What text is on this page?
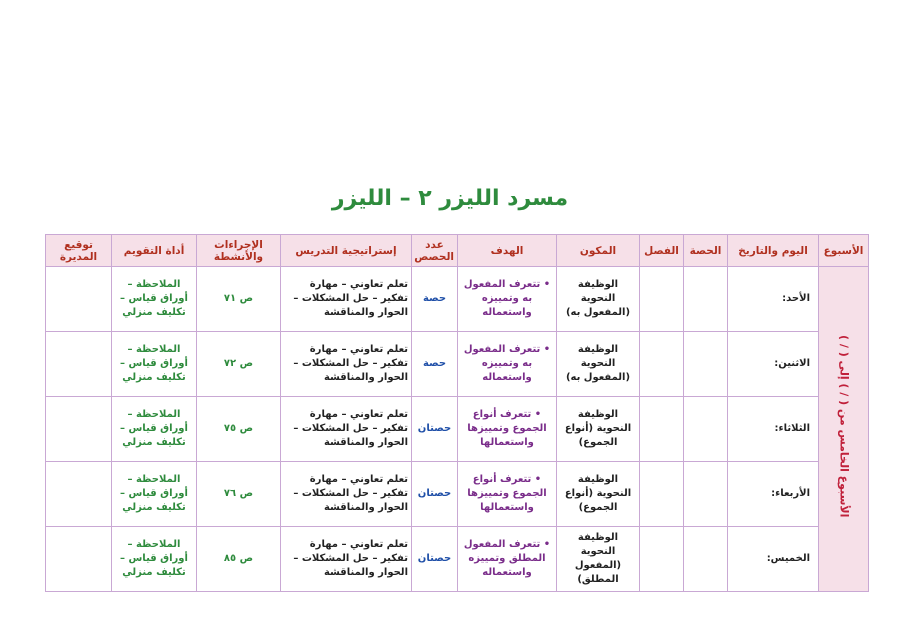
مسرد الليزر ٢ – الليزر
الأسبوع	اليوم والتاريخ	الحصة	الفصل	المكون	الهدف	عدد الحصص	إستراتيجية التدريس	الإجراءات والأنشطة	أداة التقويم	توقيع المديرة
الأسبوع الخامس من ( / ) إلى ( / )	الأحد:			الوظيفة النحوية (المفعول به)	• تتعرف المفعول به وتمييزه واستعماله	حصة	تعلم تعاوني – مهارة تفكير – حل المشكلات – الحوار والمناقشة	ص ٧١	الملاحظة – أوراق قياس – تكليف منزلي	
	الاثنين:			الوظيفة النحوية (المفعول به)	• تتعرف المفعول به وتمييزه واستعماله	حصة	تعلم تعاوني – مهارة تفكير – حل المشكلات – الحوار والمناقشة	ص ٧٢	الملاحظة – أوراق قياس – تكليف منزلي	
	الثلاثاء:			الوظيفة النحوية (أنواع الجموع)	• تتعرف أنواع الجموع وتمييزها واستعمالها	حصتان	تعلم تعاوني – مهارة تفكير – حل المشكلات – الحوار والمناقشة	ص ٧٥	الملاحظة – أوراق قياس – تكليف منزلي	
	الأربعاء:			الوظيفة النحوية (أنواع الجموع)	• تتعرف أنواع الجموع وتمييزها واستعمالها	حصتان	تعلم تعاوني – مهارة تفكير – حل المشكلات – الحوار والمناقشة	ص ٧٦	الملاحظة – أوراق قياس – تكليف منزلي	
	الخميس:			الوظيفة النحوية (المفعول المطلق)	• تتعرف المفعول المطلق وتمييزه واستعماله	حصتان	تعلم تعاوني – مهارة تفكير – حل المشكلات – الحوار والمناقشة	ص ٨٥	الملاحظة – أوراق قياس – تكليف منزلي	
